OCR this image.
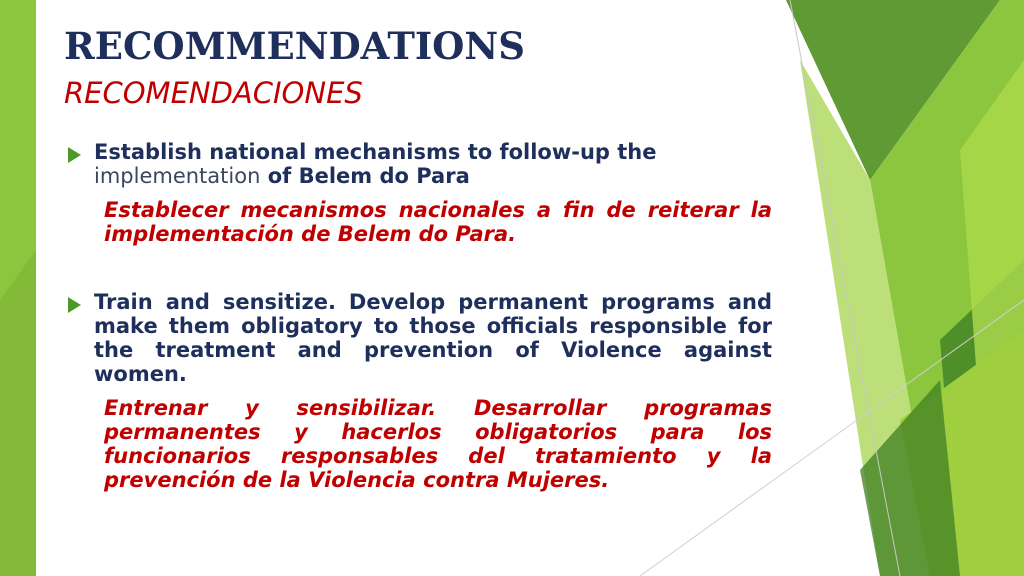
RECOMMENDATIONS
RECOMENDACIONES
Establish national mechanisms to follow-up the
implementation of Belem do Para
Establecer mecanismos nacionales a fin de reiterar la implementación de Belem do Para.
Train and sensitize. Develop permanent programs and make them obligatory to those officials responsible for the treatment and prevention of Violence against women.
Entrenar y sensibilizar. Desarrollar programas permanentes y hacerlos obligatorios para los funcionarios responsables del tratamiento y la prevención de la Violencia contra Mujeres.
